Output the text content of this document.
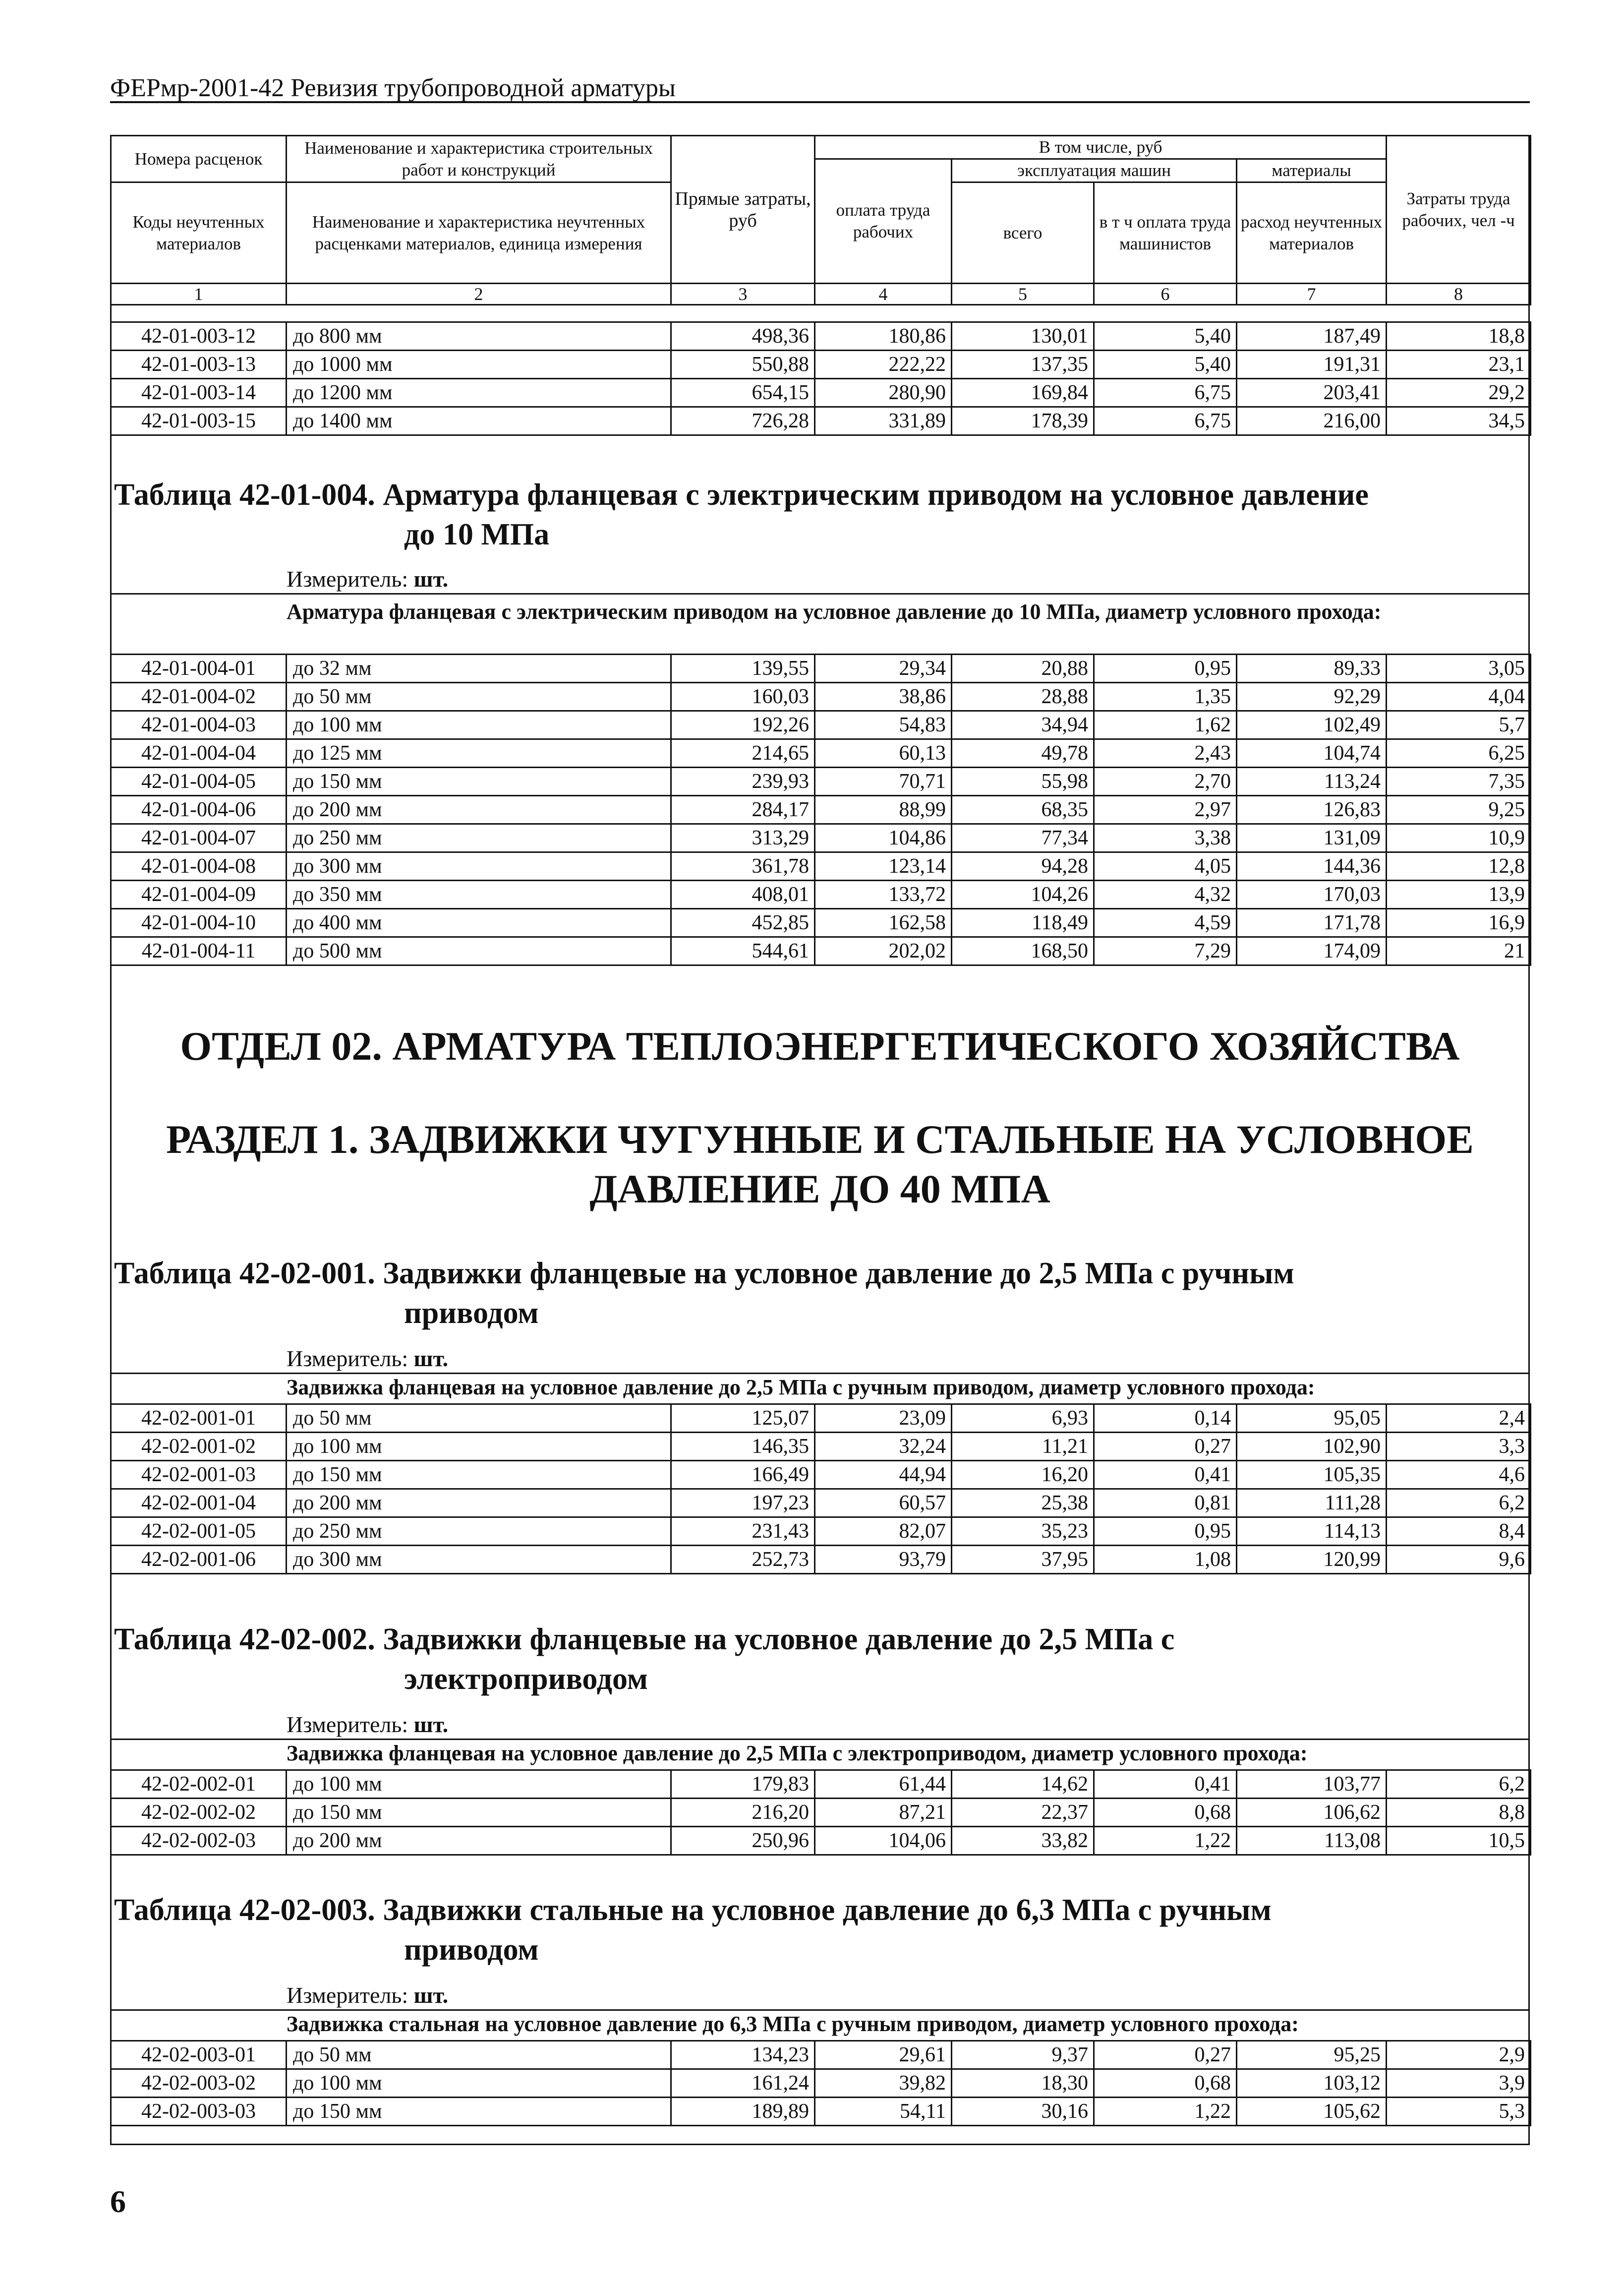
ФЕРмр-2001-42 Ревизия трубопроводной арматуры
Номера расценок	Наименование и характеристика строительных работ и конструкций	Прямые затраты, руб	В том числе, руб				Затраты труда рабочих, чел -ч
			оплата труда рабочих	эксплуатация машин		материалы	
Коды неучтенных материалов	Наименование и характеристика неучтенных расценками материалов, единица измерения			всего	в т ч оплата труда машинистов	расход неучтенных материалов	
1	2	3	4	5	6	7	8
42-01-003-12	до 800 мм	498,36	180,86	130,01	5,40	187,49	18,8
42-01-003-13	до 1000 мм	550,88	222,22	137,35	5,40	191,31	23,1
42-01-003-14	до 1200 мм	654,15	280,90	169,84	6,75	203,41	29,2
42-01-003-15	до 1400 мм	726,28	331,89	178,39	6,75	216,00	34,5
Таблица 42-01-004. Арматура фланцевая с электрическим приводом на условное давление
до 10 МПа
Измеритель: шт.
Арматура фланцевая с электрическим приводом на условное давление до 10 МПа, диаметр условного прохода:
42-01-004-01	до 32 мм	139,55	29,34	20,88	0,95	89,33	3,05
42-01-004-02	до 50 мм	160,03	38,86	28,88	1,35	92,29	4,04
42-01-004-03	до 100 мм	192,26	54,83	34,94	1,62	102,49	5,7
42-01-004-04	до 125 мм	214,65	60,13	49,78	2,43	104,74	6,25
42-01-004-05	до 150 мм	239,93	70,71	55,98	2,70	113,24	7,35
42-01-004-06	до 200 мм	284,17	88,99	68,35	2,97	126,83	9,25
42-01-004-07	до 250 мм	313,29	104,86	77,34	3,38	131,09	10,9
42-01-004-08	до 300 мм	361,78	123,14	94,28	4,05	144,36	12,8
42-01-004-09	до 350 мм	408,01	133,72	104,26	4,32	170,03	13,9
42-01-004-10	до 400 мм	452,85	162,58	118,49	4,59	171,78	16,9
42-01-004-11	до 500 мм	544,61	202,02	168,50	7,29	174,09	21
ОТДЕЛ 02. АРМАТУРА ТЕПЛОЭНЕРГЕТИЧЕСКОГО ХОЗЯЙСТВА
РАЗДЕЛ 1. ЗАДВИЖКИ ЧУГУННЫЕ И СТАЛЬНЫЕ НА УСЛОВНОЕ
ДАВЛЕНИЕ ДО 40 МПА
Таблица 42-02-001. Задвижки фланцевые на условное давление до 2,5 МПа с ручным
приводом
Измеритель: шт.
Задвижка фланцевая на условное давление до 2,5 МПа с ручным приводом, диаметр условного прохода:
42-02-001-01	до 50 мм	125,07	23,09	6,93	0,14	95,05	2,4
42-02-001-02	до 100 мм	146,35	32,24	11,21	0,27	102,90	3,3
42-02-001-03	до 150 мм	166,49	44,94	16,20	0,41	105,35	4,6
42-02-001-04	до 200 мм	197,23	60,57	25,38	0,81	111,28	6,2
42-02-001-05	до 250 мм	231,43	82,07	35,23	0,95	114,13	8,4
42-02-001-06	до 300 мм	252,73	93,79	37,95	1,08	120,99	9,6
Таблица 42-02-002. Задвижки фланцевые на условное давление до 2,5 МПа с
электроприводом
Измеритель: шт.
Задвижка фланцевая на условное давление до 2,5 МПа с электроприводом, диаметр условного прохода:
42-02-002-01	до 100 мм	179,83	61,44	14,62	0,41	103,77	6,2
42-02-002-02	до 150 мм	216,20	87,21	22,37	0,68	106,62	8,8
42-02-002-03	до 200 мм	250,96	104,06	33,82	1,22	113,08	10,5
Таблица 42-02-003. Задвижки стальные на условное давление до 6,3 МПа с ручным
приводом
Измеритель: шт.
Задвижка стальная на условное давление до 6,3 МПа с ручным приводом, диаметр условного прохода:
42-02-003-01	до 50 мм	134,23	29,61	9,37	0,27	95,25	2,9
42-02-003-02	до 100 мм	161,24	39,82	18,30	0,68	103,12	3,9
42-02-003-03	до 150 мм	189,89	54,11	30,16	1,22	105,62	5,3
6
